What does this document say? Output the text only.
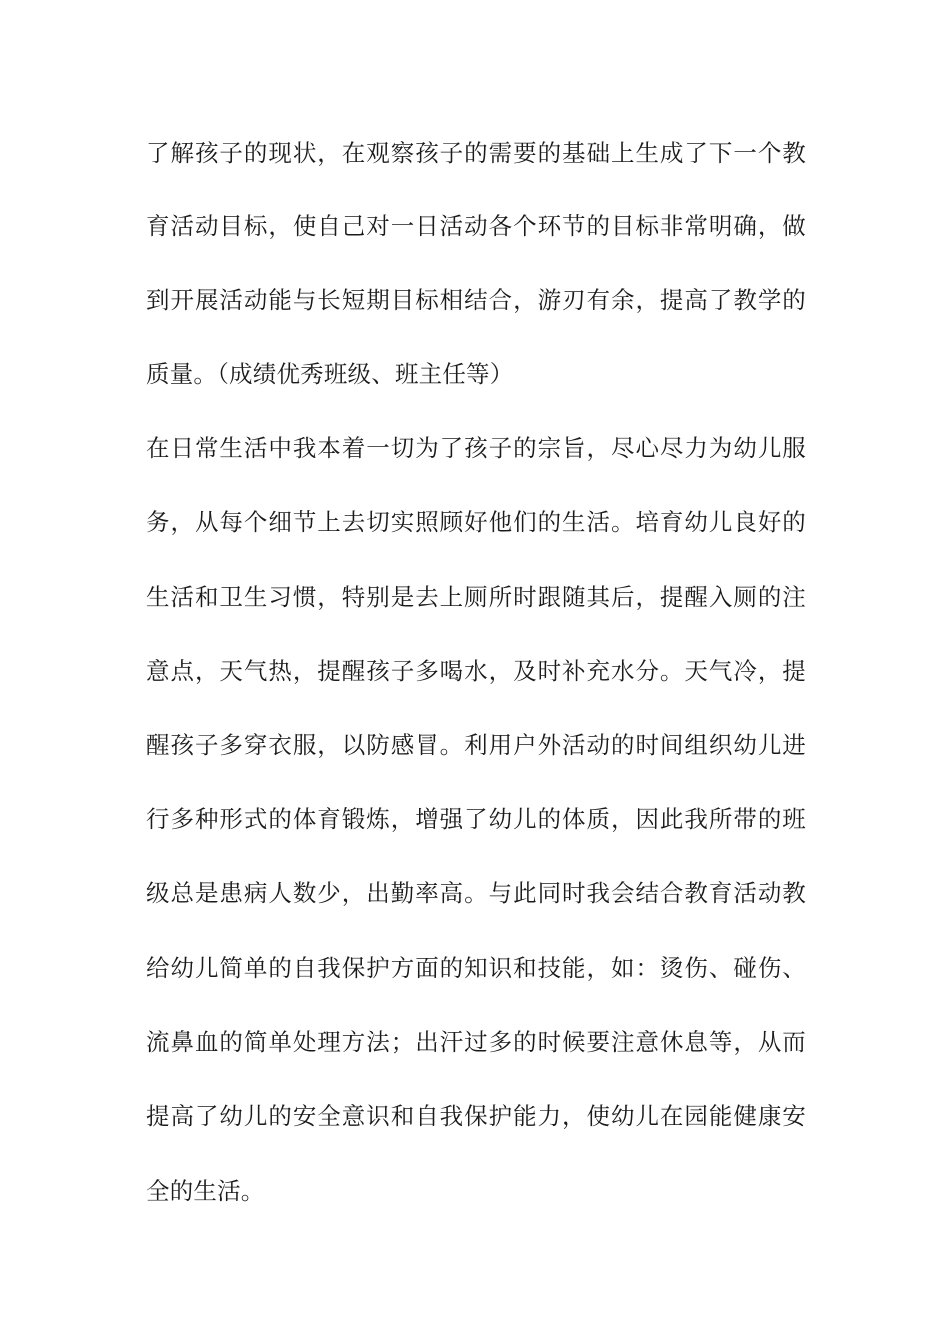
了解孩子的现状，在观察孩子的需要的基础上生成了下一个教
育活动目标，使自己对一日活动各个环节的目标非常明确，做
到开展活动能与长短期目标相结合，游刃有余，提高了教学的
质量。（成绩优秀班级、班主任等）
在日常生活中我本着一切为了孩子的宗旨，尽心尽力为幼儿服
务，从每个细节上去切实照顾好他们的生活。培育幼儿良好的
生活和卫生习惯，特别是去上厕所时跟随其后，提醒入厕的注
意点，天气热，提醒孩子多喝水，及时补充水分。天气冷，提
醒孩子多穿衣服，以防感冒。利用户外活动的时间组织幼儿进
行多种形式的体育锻炼，增强了幼儿的体质，因此我所带的班
级总是患病人数少，出勤率高。与此同时我会结合教育活动教
给幼儿简单的自我保护方面的知识和技能，如：烫伤、碰伤、
流鼻血的简单处理方法；出汗过多的时候要注意休息等，从而
提高了幼儿的安全意识和自我保护能力，使幼儿在园能健康安
全的生活。
